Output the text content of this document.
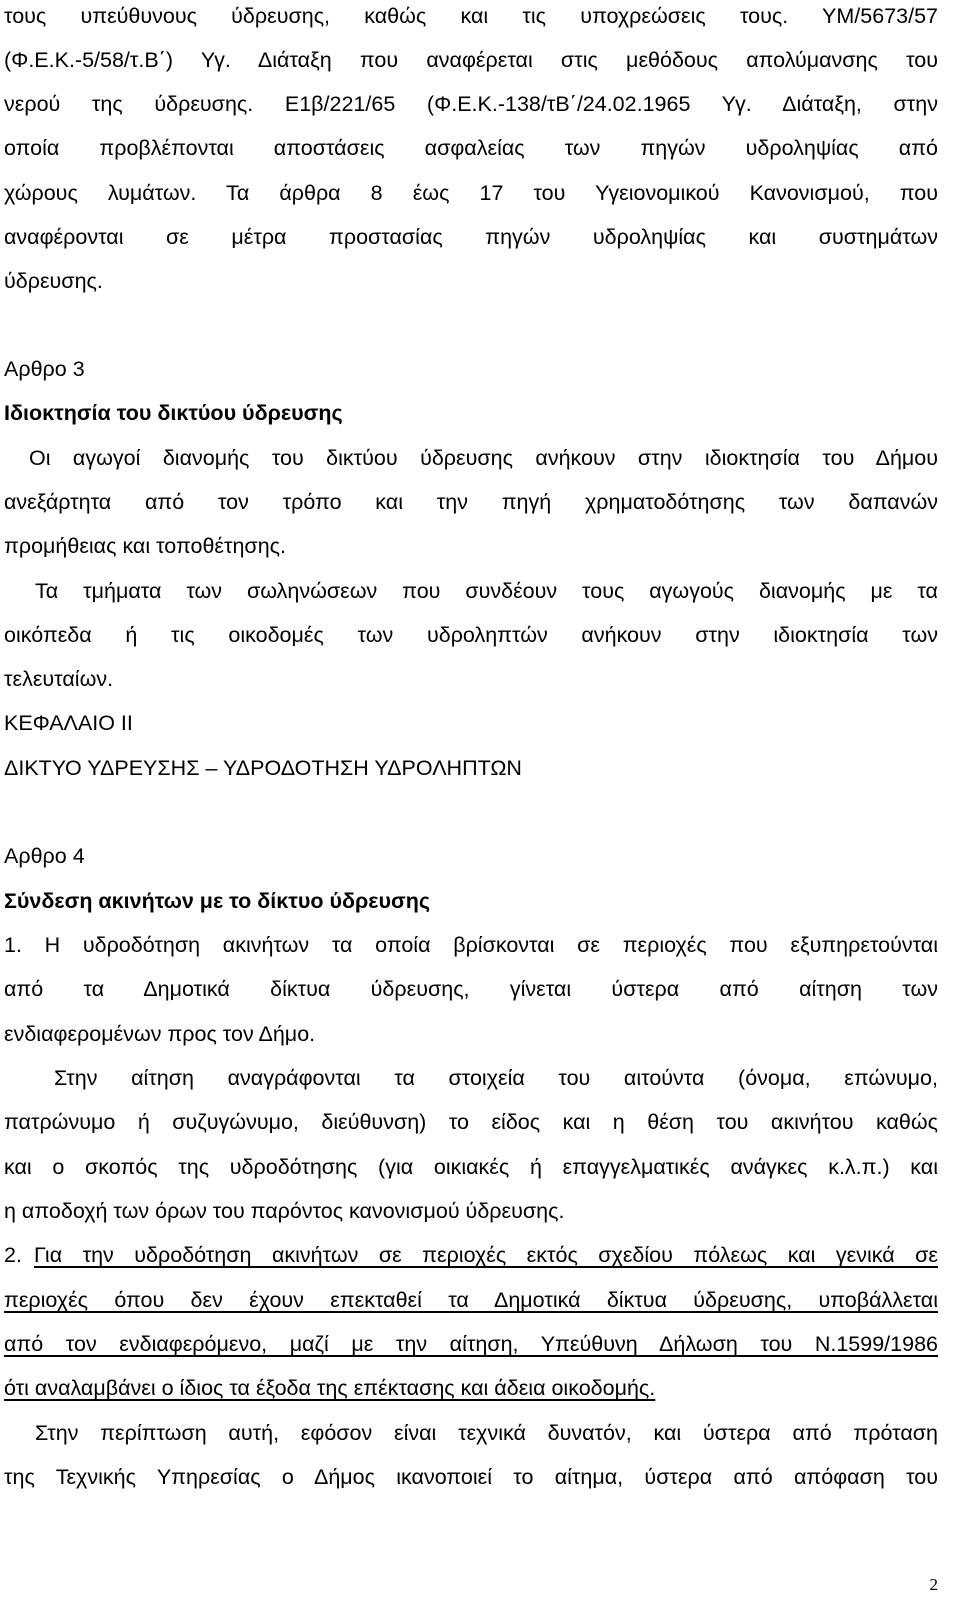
τους υπεύθυνους ύδρευσης, καθώς και τις υποχρεώσεις τους. ΥΜ/5673/57
(Φ.Ε.Κ.-5/58/τ.Β΄) Υγ. Διάταξη που αναφέρεται στις μεθόδους απολύμανσης του
νερού της ύδρευσης. Ε1β/221/65 (Φ.Ε.Κ.-138/τΒ΄/24.02.1965 Υγ. Διάταξη, στην
οποία προβλέπονται αποστάσεις ασφαλείας των πηγών υδροληψίας από
χώρους λυμάτων. Τα άρθρα 8 έως 17 του Υγειονομικού Κανονισμού, που
αναφέρονται σε μέτρα προστασίας πηγών υδροληψίας και συστημάτων
ύδρευσης.
Αρθρο 3
Ιδιοκτησία του δικτύου ύδρευσης
Οι αγωγοί διανομής του δικτύου ύδρευσης ανήκουν στην ιδιοκτησία του Δήμου
ανεξάρτητα από τον τρόπο και την πηγή χρηματοδότησης των δαπανών
προμήθειας και τοποθέτησης.
Τα τμήματα των σωληνώσεων που συνδέουν τους αγωγούς διανομής με τα
οικόπεδα ή τις οικοδομές των υδροληπτών ανήκουν στην ιδιοκτησία των
τελευταίων.
ΚΕΦΑΛΑΙΟ ΙΙ
ΔΙΚΤΥΟ ΥΔΡΕΥΣΗΣ – ΥΔΡΟΔΟΤΗΣΗ ΥΔΡΟΛΗΠΤΩΝ
Αρθρο 4
Σύνδεση ακινήτων με το δίκτυο ύδρευσης
1. Η υδροδότηση ακινήτων τα οποία βρίσκονται σε περιοχές που εξυπηρετούνται
από τα Δημοτικά δίκτυα ύδρευσης, γίνεται ύστερα από αίτηση των
ενδιαφερομένων προς τον Δήμο.
Στην αίτηση αναγράφονται τα στοιχεία του αιτούντα (όνομα, επώνυμο,
πατρώνυμο ή συζυγώνυμο, διεύθυνση) το είδος και η θέση του ακινήτου καθώς
και ο σκοπός της υδροδότησης (για οικιακές ή επαγγελματικές ανάγκες κ.λ.π.) και
η αποδοχή των όρων του παρόντος κανονισμού ύδρευσης.
2. Για την υδροδότηση ακινήτων σε περιοχές εκτός σχεδίου πόλεως και γενικά σε
περιοχές όπου δεν έχουν επεκταθεί τα Δημοτικά δίκτυα ύδρευσης, υποβάλλεται
από τον ενδιαφερόμενο, μαζί με την αίτηση, Υπεύθυνη Δήλωση του Ν.1599/1986
ότι αναλαμβάνει ο ίδιος τα έξοδα της επέκτασης και άδεια οικοδομής.
Στην περίπτωση αυτή, εφόσον είναι τεχνικά δυνατόν, και ύστερα από πρόταση
της Τεχνικής Υπηρεσίας ο Δήμος ικανοποιεί το αίτημα, ύστερα από απόφαση του
2
